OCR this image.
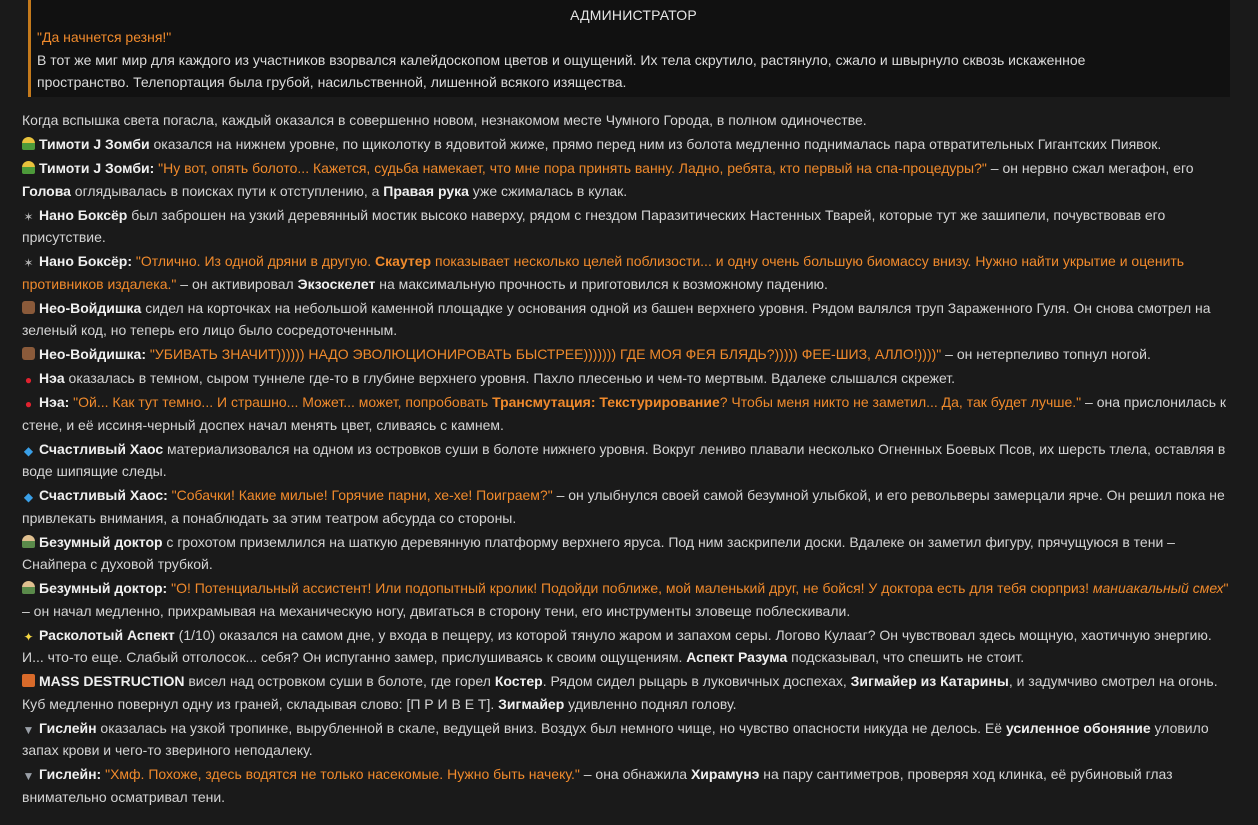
АДМИНИСТРАТОР
"Да начнется резня!"
В тот же миг мир для каждого из участников взорвался калейдоскопом цветов и ощущений. Их тела скрутило, растянуло, сжало и швырнуло сквозь искаженное пространство. Телепортация была грубой, насильственной, лишенной всякого изящества.
Когда вспышка света погасла, каждый оказался в совершенно новом, незнакомом месте Чумного Города, в полном одиночестве.
Тимоти J Зомби оказался на нижнем уровне, по щиколотку в ядовитой жиже, прямо перед ним из болота медленно поднималась пара отвратительных Гигантских Пиявок.
Тимоти J Зомби: "Ну вот, опять болото... Кажется, судьба намекает, что мне пора принять ванну. Ладно, ребята, кто первый на спа-процедуры?" – он нервно сжал мегафон, его Голова оглядывалась в поисках пути к отступлению, а Правая рука уже сжималась в кулак.
✶ Нано Боксёр был заброшен на узкий деревянный мостик высоко наверху, рядом с гнездом Паразитических Настенных Тварей, которые тут же зашипели, почувствовав его присутствие.
✶ Нано Боксёр: "Отлично. Из одной дряни в другую. Скаутер показывает несколько целей поблизости... и одну очень большую биомассу внизу. Нужно найти укрытие и оценить противников издалека." – он активировал Экзоскелет на максимальную прочность и приготовился к возможному падению.
Нео-Войдишка сидел на корточках на небольшой каменной площадке у основания одной из башен верхнего уровня. Рядом валялся труп Зараженного Гуля. Он снова смотрел на зеленый код, но теперь его лицо было сосредоточенным.
Нео-Войдишка: "УБИВАТЬ ЗНАЧИТ)))))) НАДО ЭВОЛЮЦИОНИРОВАТЬ БЫСТРЕЕ))))))) ГДЕ МОЯ ФЕЯ БЛЯДЬ?))))) ФЕЕ-ШИЗ, АЛЛО!))))" – он нетерпеливо топнул ногой.
● Нэа оказалась в темном, сыром туннеле где-то в глубине верхнего уровня. Пахло плесенью и чем-то мертвым. Вдалеке слышался скрежет.
● Нэа: "Ой... Как тут темно... И страшно... Может... может, попробовать Трансмутация: Текстурирование? Чтобы меня никто не заметил... Да, так будет лучше." – она прислонилась к стене, и её иссиня-черный доспех начал менять цвет, сливаясь с камнем.
◆ Счастливый Хаос материализовался на одном из островков суши в болоте нижнего уровня. Вокруг лениво плавали несколько Огненных Боевых Псов, их шерсть тлела, оставляя в воде шипящие следы.
◆ Счастливый Хаос: "Собачки! Какие милые! Горячие парни, хе-хе! Поиграем?" – он улыбнулся своей самой безумной улыбкой, и его револьверы замерцали ярче. Он решил пока не привлекать внимания, а понаблюдать за этим театром абсурда со стороны.
Безумный доктор с грохотом приземлился на шаткую деревянную платформу верхнего яруса. Под ним заскрипели доски. Вдалеке он заметил фигуру, прячущуюся в тени – Снайпера с духовой трубкой.
Безумный доктор: "О! Потенциальный ассистент! Или подопытный кролик! Подойди поближе, мой маленький друг, не бойся! У доктора есть для тебя сюрприз! маниакальный смех" – он начал медленно, прихрамывая на механическую ногу, двигаться в сторону тени, его инструменты зловеще поблескивали.
✦ Расколотый Аспект (1/10) оказался на самом дне, у входа в пещеру, из которой тянуло жаром и запахом серы. Логово Кулааг? Он чувствовал здесь мощную, хаотичную энергию. И... что-то еще. Слабый отголосок... себя? Он испуганно замер, прислушиваясь к своим ощущениям. Аспект Разума подсказывал, что спешить не стоит.
MASS DESTRUCTION висел над островком суши в болоте, где горел Костер. Рядом сидел рыцарь в луковичных доспехах, Зигмайер из Катарины, и задумчиво смотрел на огонь. Куб медленно повернул одну из граней, складывая слово: [П Р И В Е Т]. Зигмайер удивленно поднял голову.
▼ Гислейн оказалась на узкой тропинке, вырубленной в скале, ведущей вниз. Воздух был немного чище, но чувство опасности никуда не делось. Её усиленное обоняние уловило запах крови и чего-то звериного неподалеку.
▼ Гислейн: "Хмф. Похоже, здесь водятся не только насекомые. Нужно быть начеку." – она обнажила Хирамунэ на пару сантиметров, проверяя ход клинка, её рубиновый глаз внимательно осматривал тени.
